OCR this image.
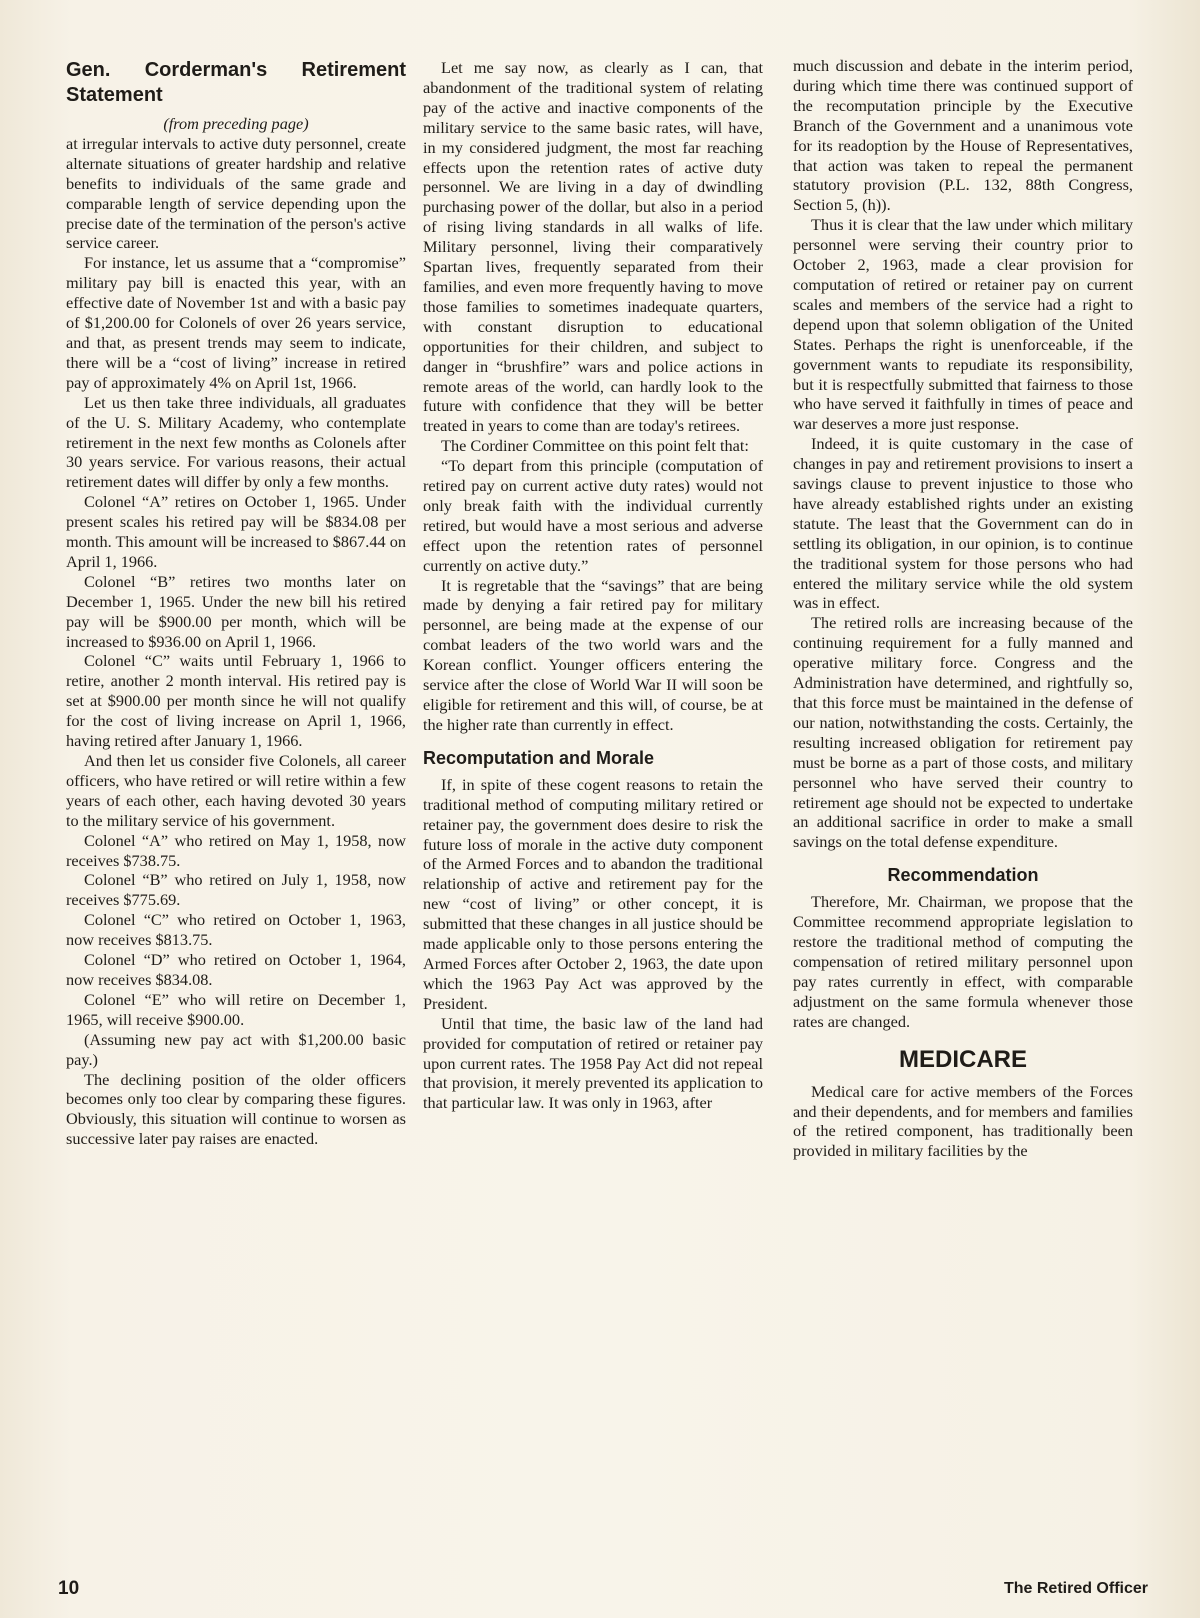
Gen. Corderman's Retirement Statement

(from preceding page)

at irregular intervals to active duty personnel, create alternate situations of greater hardship and relative benefits to individuals of the same grade and comparable length of service depending upon the precise date of the termination of the person's active service career.

For instance, let us assume that a “compromise” military pay bill is enacted this year, with an effective date of November 1st and with a basic pay of $1,200.00 for Colonels of over 26 years service, and that, as present trends may seem to indicate, there will be a “cost of living” increase in retired pay of approximately 4% on April 1st, 1966.

Let us then take three individuals, all graduates of the U. S. Military Academy, who contemplate retirement in the next few months as Colonels after 30 years service. For various reasons, their actual retirement dates will differ by only a few months.

Colonel “A” retires on October 1, 1965. Under present scales his retired pay will be $834.08 per month. This amount will be increased to $867.44 on April 1, 1966.

Colonel “B” retires two months later on December 1, 1965. Under the new bill his retired pay will be $900.00 per month, which will be increased to $936.00 on April 1, 1966.

Colonel “C” waits until February 1, 1966 to retire, another 2 month interval. His retired pay is set at $900.00 per month since he will not qualify for the cost of living increase on April 1, 1966, having retired after January 1, 1966.

And then let us consider five Colonels, all career officers, who have retired or will retire within a few years of each other, each having devoted 30 years to the military service of his government.

Colonel “A” who retired on May 1, 1958, now receives $738.75.

Colonel “B” who retired on July 1, 1958, now receives $775.69.

Colonel “C” who retired on October 1, 1963, now receives $813.75.

Colonel “D” who retired on October 1, 1964, now receives $834.08.

Colonel “E” who will retire on December 1, 1965, will receive $900.00.

(Assuming new pay act with $1,200.00 basic pay.)

The declining position of the older officers becomes only too clear by comparing these figures. Obviously, this situation will continue to worsen as successive later pay raises are enacted.

Let me say now, as clearly as I can, that abandonment of the traditional system of relating pay of the active and inactive components of the military service to the same basic rates, will have, in my considered judgment, the most far reaching effects upon the retention rates of active duty personnel. We are living in a day of dwindling purchasing power of the dollar, but also in a period of rising living standards in all walks of life. Military personnel, living their comparatively Spartan lives, frequently separated from their families, and even more frequently having to move those families to sometimes inadequate quarters, with constant disruption to educational opportunities for their children, and subject to danger in “brushfire” wars and police actions in remote areas of the world, can hardly look to the future with confidence that they will be better treated in years to come than are today's retirees.

The Cordiner Committee on this point felt that:

“To depart from this principle (computation of retired pay on current active duty rates) would not only break faith with the individual currently retired, but would have a most serious and adverse effect upon the retention rates of personnel currently on active duty.”

It is regretable that the “savings” that are being made by denying a fair retired pay for military personnel, are being made at the expense of our combat leaders of the two world wars and the Korean conflict. Younger officers entering the service after the close of World War II will soon be eligible for retirement and this will, of course, be at the higher rate than currently in effect.

Recomputation and Morale

If, in spite of these cogent reasons to retain the traditional method of computing military retired or retainer pay, the government does desire to risk the future loss of morale in the active duty component of the Armed Forces and to abandon the traditional relationship of active and retirement pay for the new “cost of living” or other concept, it is submitted that these changes in all justice should be made applicable only to those persons entering the Armed Forces after October 2, 1963, the date upon which the 1963 Pay Act was approved by the President.

Until that time, the basic law of the land had provided for computation of retired or retainer pay upon current rates. The 1958 Pay Act did not repeal that provision, it merely prevented its application to that particular law. It was only in 1963, after

much discussion and debate in the interim period, during which time there was continued support of the recomputation principle by the Executive Branch of the Government and a unanimous vote for its readoption by the House of Representatives, that action was taken to repeal the permanent statutory provision (P.L. 132, 88th Congress, Section 5, (h)).

Thus it is clear that the law under which military personnel were serving their country prior to October 2, 1963, made a clear provision for computation of retired or retainer pay on current scales and members of the service had a right to depend upon that solemn obligation of the United States. Perhaps the right is unenforceable, if the government wants to repudiate its responsibility, but it is respectfully submitted that fairness to those who have served it faithfully in times of peace and war deserves a more just response.

Indeed, it is quite customary in the case of changes in pay and retirement provisions to insert a savings clause to prevent injustice to those who have already established rights under an existing statute. The least that the Government can do in settling its obligation, in our opinion, is to continue the traditional system for those persons who had entered the military service while the old system was in effect.

The retired rolls are increasing because of the continuing requirement for a fully manned and operative military force. Congress and the Administration have determined, and rightfully so, that this force must be maintained in the defense of our nation, notwithstanding the costs. Certainly, the resulting increased obligation for retirement pay must be borne as a part of those costs, and military personnel who have served their country to retirement age should not be expected to undertake an additional sacrifice in order to make a small savings on the total defense expenditure.

Recommendation

Therefore, Mr. Chairman, we propose that the Committee recommend appropriate legislation to restore the traditional method of computing the compensation of retired military personnel upon pay rates currently in effect, with comparable adjustment on the same formula whenever those rates are changed.

MEDICARE

Medical care for active members of the Forces and their dependents, and for members and families of the retired component, has traditionally been provided in military facilities by the

10	The Retired Officer
